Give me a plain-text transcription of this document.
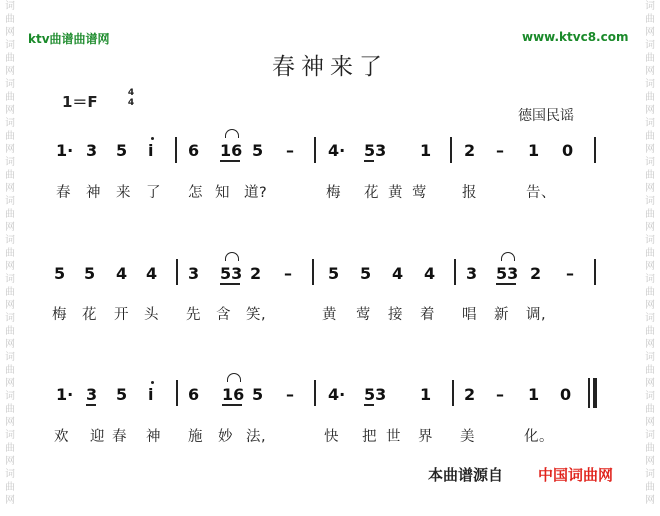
词
曲
网
词
曲
网
词
曲
网
词
曲
网
词
曲
网
词
曲
网
词
曲
网
词
曲
网
词
曲
网
词
曲
网
词
曲
网
词
曲
网
词
曲
网
词
曲
网
词
曲
网
词
曲
网
词
曲
网
词
曲
网
词
曲
网
词
曲
网
词
曲
网
词
曲
网
词
曲
网
词
曲
网
词
曲
网
词
曲
网
ktv曲谱曲谱网	www.ktvc8.com
春神来了
1＝F	4
4
德国民谣
1· 3 5 i 6 16 5 – 4· 53 1 2 – 1 0
春 神 来 了 怎 知 道?	梅 花 黄 莺 报	告、
5 5 4 4 3 53 2 – 5 5 4 4 3 53 2 –
梅 花 开 头 先 含 笑,	黄 莺 接 着 唱 新 调,
1· 3 5 i 6 16 5 – 4· 53 1 2 – 1 0
欢 迎 春 神 施 妙 法,	快 把 世 界 美	化。
本曲谱源自 中国词曲网
